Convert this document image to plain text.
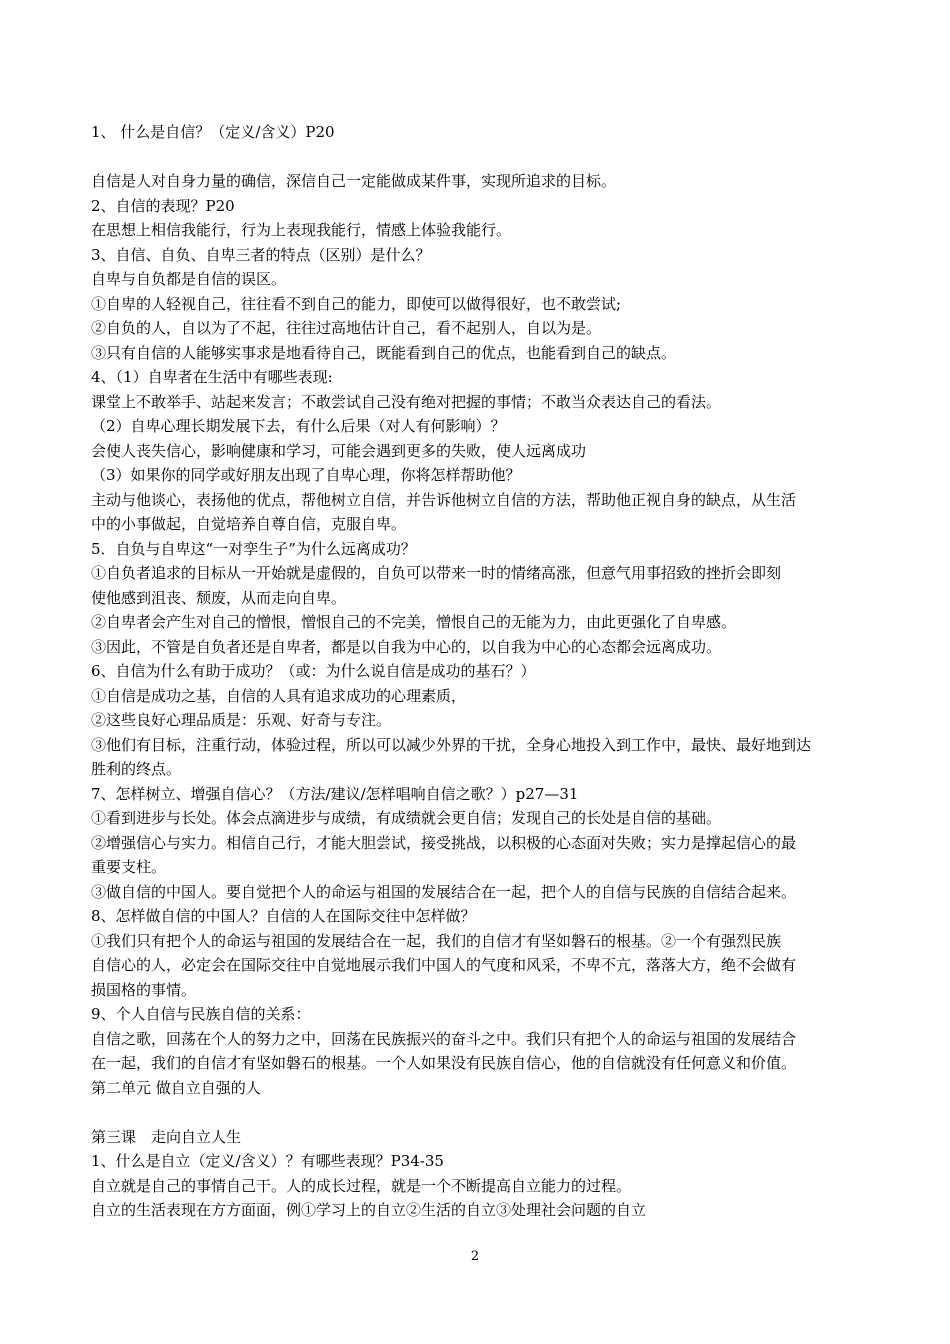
1、 什么是自信？（定义/含义）P20
自信是人对自身力量的确信，深信自己一定能做成某件事，实现所追求的目标。
2、自信的表现？P20
在思想上相信我能行，行为上表现我能行，情感上体验我能行。
3、自信、自负、自卑三者的特点（区别）是什么？
自卑与自负都是自信的误区。
①自卑的人轻视自己，往往看不到自己的能力，即使可以做得很好，也不敢尝试;
②自负的人，自以为了不起，往往过高地估计自己，看不起别人，自以为是。
③只有自信的人能够实事求是地看待自己，既能看到自己的优点，也能看到自己的缺点。
4、（1）自卑者在生活中有哪些表现:
课堂上不敢举手、站起来发言；不敢尝试自己没有绝对把握的事情；不敢当众表达自己的看法。
（2）自卑心理长期发展下去，有什么后果（对人有何影响）？
会使人丧失信心，影响健康和学习，可能会遇到更多的失败，使人远离成功
（3）如果你的同学或好朋友出现了自卑心理，你将怎样帮助他？
主动与他谈心，表扬他的优点，帮他树立自信，并告诉他树立自信的方法，帮助他正视自身的缺点，从生活
中的小事做起，自觉培养自尊自信，克服自卑。
5．自负与自卑这“一对孪生子”为什么远离成功？
①自负者追求的目标从一开始就是虚假的，自负可以带来一时的情绪高涨，但意气用事招致的挫折会即刻
使他感到沮丧、颓废，从而走向自卑。
②自卑者会产生对自己的憎恨，憎恨自己的不完美，憎恨自己的无能为力，由此更强化了自卑感。
③因此，不管是自负者还是自卑者，都是以自我为中心的，以自我为中心的心态都会远离成功。
6、自信为什么有助于成功？（或：为什么说自信是成功的基石？）
①自信是成功之基，自信的人具有追求成功的心理素质，
②这些良好心理品质是：乐观、好奇与专注。
③他们有目标，注重行动，体验过程，所以可以减少外界的干扰，全身心地投入到工作中，最快、最好地到达
胜利的终点。
7、怎样树立、增强自信心？（方法/建议/怎样唱响自信之歌？）p27—31
①看到进步与长处。体会点滴进步与成绩，有成绩就会更自信；发现自己的长处是自信的基础。
②增强信心与实力。相信自己行，才能大胆尝试，接受挑战，以积极的心态面对失败；实力是撑起信心的最
重要支柱。
③做自信的中国人。要自觉把个人的命运与祖国的发展结合在一起，把个人的自信与民族的自信结合起来。
8、怎样做自信的中国人？自信的人在国际交往中怎样做？
①我们只有把个人的命运与祖国的发展结合在一起，我们的自信才有坚如磐石的根基。②一个有强烈民族
自信心的人，必定会在国际交往中自觉地展示我们中国人的气度和风采，不卑不亢，落落大方，绝不会做有
损国格的事情。
9、个人自信与民族自信的关系：
自信之歌，回荡在个人的努力之中，回荡在民族振兴的奋斗之中。我们只有把个人的命运与祖国的发展结合
在一起，我们的自信才有坚如磐石的根基。一个人如果没有民族自信心，他的自信就没有任何意义和价值。
第二单元 做自立自强的人
第三课　走向自立人生
1、什么是自立（定义/含义）？有哪些表现？P34-35
自立就是自己的事情自己干。人的成长过程，就是一个不断提高自立能力的过程。
自立的生活表现在方方面面，例①学习上的自立②生活的自立③处理社会问题的自立
2
